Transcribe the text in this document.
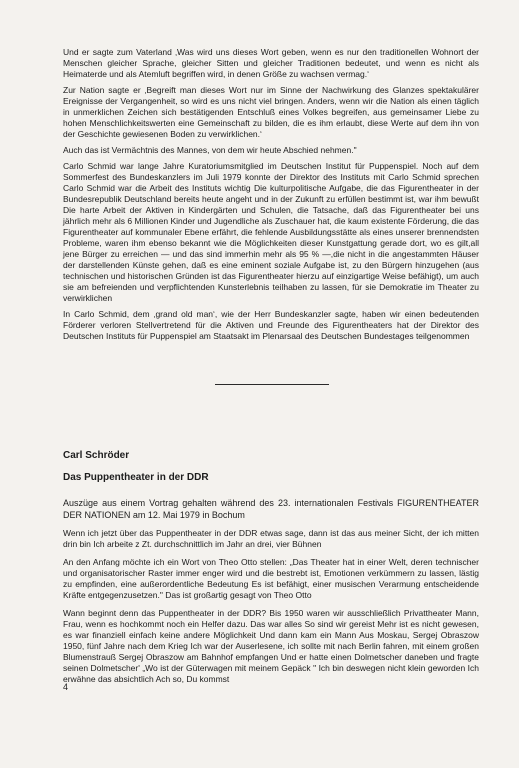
Und er sagte zum Vaterland ‚Was wird uns dieses Wort geben, wenn es nur den traditionellen Wohnort der Menschen gleicher Sprache, gleicher Sitten und gleicher Traditionen bedeutet, und wenn es nicht als Heimaterde und als Atemluft begriffen wird, in denen Größe zu wachsen vermag.‘

Zur Nation sagte er ‚Begreift man dieses Wort nur im Sinne der Nachwirkung des Glanzes spektakulärer Ereignisse der Vergangenheit, so wird es uns nicht viel bringen. Anders, wenn wir die Nation als einen täglich in unmerklichen Zeichen sich bestätigenden Entschluß eines Volkes begreifen, aus gemeinsamer Liebe zu hohen Menschlichkeitswerten eine Gemeinschaft zu bilden, die es ihm erlaubt, diese Werte auf dem ihn von der Geschichte gewiesenen Boden zu verwirklichen.‘

Auch das ist Vermächtnis des Mannes, von dem wir heute Abschied nehmen."

Carlo Schmid war lange Jahre Kuratoriumsmitglied im Deutschen Institut für Puppenspiel. Noch auf dem Sommerfest des Bundeskanzlers im Juli 1979 konnte der Direktor des Instituts mit Carlo Schmid sprechen Carlo Schmid war die Arbeit des Instituts wichtig Die kulturpolitische Aufgabe, die das Figurentheater in der Bundesrepublik Deutschland bereits heute angeht und in der Zukunft zu erfüllen bestimmt ist, war ihm bewußt Die harte Arbeit der Aktiven in Kindergärten und Schulen, die Tatsache, daß das Figurentheater bei uns jährlich mehr als 6 Millionen Kinder und Jugendliche als Zuschauer hat, die kaum existente Förderung, die das Figurentheater auf kommunaler Ebene erfährt, die fehlende Ausbildungsstätte als eines unserer brennendsten Probleme, waren ihm ebenso bekannt wie die Möglichkeiten dieser Kunstgattung gerade dort, wo es gilt,all jene Bürger zu erreichen — und das sind immerhin mehr als 95 % —,die nicht in die angestammten Häuser der darstellenden Künste gehen, daß es eine eminent soziale Aufgabe ist, zu den Bürgern hinzugehen (aus technischen und historischen Gründen ist das Figurentheater hierzu auf einzigartige Weise befähigt), um auch sie am befreienden und verpflichtenden Kunsterlebnis teilhaben zu lassen, für sie Demokratie im Theater zu verwirklichen

In Carlo Schmid, dem ‚grand old man‘, wie der Herr Bundeskanzler sagte, haben wir einen bedeutenden Förderer verloren Stellvertretend für die Aktiven und Freunde des Figurentheaters hat der Direktor des Deutschen Instituts für Puppenspiel am Staatsakt im Plenarsaal des Deutschen Bundestages teilgenommen

Carl Schröder
Das Puppentheater in der DDR

Auszüge aus einem Vortrag gehalten während des 23. internationalen Festivals FIGURENTHEATER DER NATIONEN am 12. Mai 1979 in Bochum

Wenn ich jetzt über das Puppentheater in der DDR etwas sage, dann ist das aus meiner Sicht, der ich mitten drin bin Ich arbeite z Zt. durchschnittlich im Jahr an drei, vier Bühnen

An den Anfang möchte ich ein Wort von Theo Otto stellen: „Das Theater hat in einer Welt, deren technischer und organisatorischer Raster immer enger wird und die bestrebt ist, Emotionen verkümmern zu lassen, lästig zu empfinden, eine außerordentliche Bedeutung Es ist befähigt, einer musischen Verarmung entscheidende Kräfte entgegenzusetzen." Das ist großartig gesagt von Theo Otto

Wann beginnt denn das Puppentheater in der DDR? Bis 1950 waren wir ausschließlich Privattheater Mann, Frau, wenn es hochkommt noch ein Helfer dazu. Das war alles So sind wir gereist Mehr ist es nicht gewesen, es war finanziell einfach keine andere Möglichkeit Und dann kam ein Mann Aus Moskau, Sergej Obraszow 1950, fünf Jahre nach dem Krieg Ich war der Auserlesene, ich sollte mit nach Berlin fahren, mit einem großen Blumenstrauß Sergej Obraszow am Bahnhof empfangen Und er hatte einen Dolmetscher daneben und fragte seinen Dolmetscher' „Wo ist der Güterwagen mit meinem Gepäck " Ich bin deswegen nicht klein geworden Ich erwähne das absichtlich Ach so, Du kommst

4
